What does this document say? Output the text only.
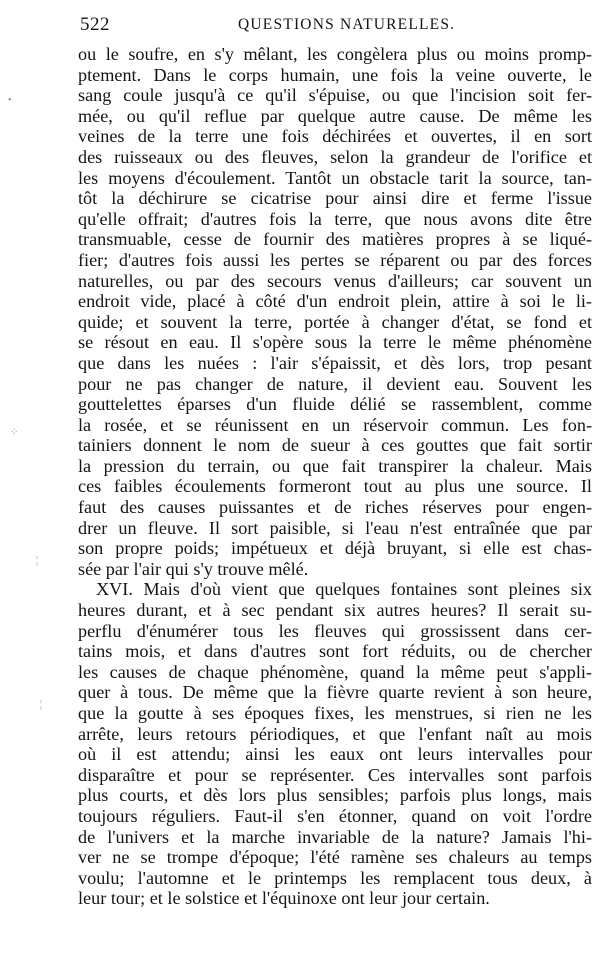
522	QUESTIONS NATURELLES.
ou le soufre, en s'y mêlant, les congèlera plus ou moins promp-
ptement. Dans le corps humain, une fois la veine ouverte, le
sang coule jusqu'à ce qu'il s'épuise, ou que l'incision soit fer-
mée, ou qu'il reflue par quelque autre cause. De même les
veines de la terre une fois déchirées et ouvertes, il en sort
des ruisseaux ou des fleuves, selon la grandeur de l'orifice et
les moyens d'écoulement. Tantôt un obstacle tarit la source, tan-
tôt la déchirure se cicatrise pour ainsi dire et ferme l'issue
qu'elle offrait; d'autres fois la terre, que nous avons dite être
transmuable, cesse de fournir des matières propres à se liqué-
fier; d'autres fois aussi les pertes se réparent ou par des forces
naturelles, ou par des secours venus d'ailleurs; car souvent un
endroit vide, placé à côté d'un endroit plein, attire à soi le li-
quide; et souvent la terre, portée à changer d'état, se fond et
se résout en eau. Il s'opère sous la terre le même phénomène
que dans les nuées : l'air s'épaissit, et dès lors, trop pesant
pour ne pas changer de nature, il devient eau. Souvent les
gouttelettes éparses d'un fluide délié se rassemblent, comme
la rosée, et se réunissent en un réservoir commun. Les fon-
tainiers donnent le nom de sueur à ces gouttes que fait sortir
la pression du terrain, ou que fait transpirer la chaleur. Mais
ces faibles écoulements formeront tout au plus une source. Il
faut des causes puissantes et de riches réserves pour engen-
drer un fleuve. Il sort paisible, si l'eau n'est entraînée que par
son propre poids; impétueux et déjà bruyant, si elle est chas-
sée par l'air qui s'y trouve mêlé.
XVI. Mais d'où vient que quelques fontaines sont pleines six
heures durant, et à sec pendant six autres heures? Il serait su-
perflu d'énumérer tous les fleuves qui grossissent dans cer-
tains mois, et dans d'autres sont fort réduits, ou de chercher
les causes de chaque phénomène, quand la même peut s'appli-
quer à tous. De même que la fièvre quarte revient à son heure,
que la goutte à ses époques fixes, les menstrues, si rien ne les
arrête, leurs retours périodiques, et que l'enfant naît au mois
où il est attendu; ainsi les eaux ont leurs intervalles pour
disparaître et pour se représenter. Ces intervalles sont parfois
plus courts, et dès lors plus sensibles; parfois plus longs, mais
toujours réguliers. Faut-il s'en étonner, quand on voit l'ordre
de l'univers et la marche invariable de la nature? Jamais l'hi-
ver ne se trompe d'époque; l'été ramène ses chaleurs au temps
voulu; l'automne et le printemps les remplacent tous deux, à
leur tour; et le solstice et l'équinoxe ont leur jour certain.
•
⁘
¦
¦
